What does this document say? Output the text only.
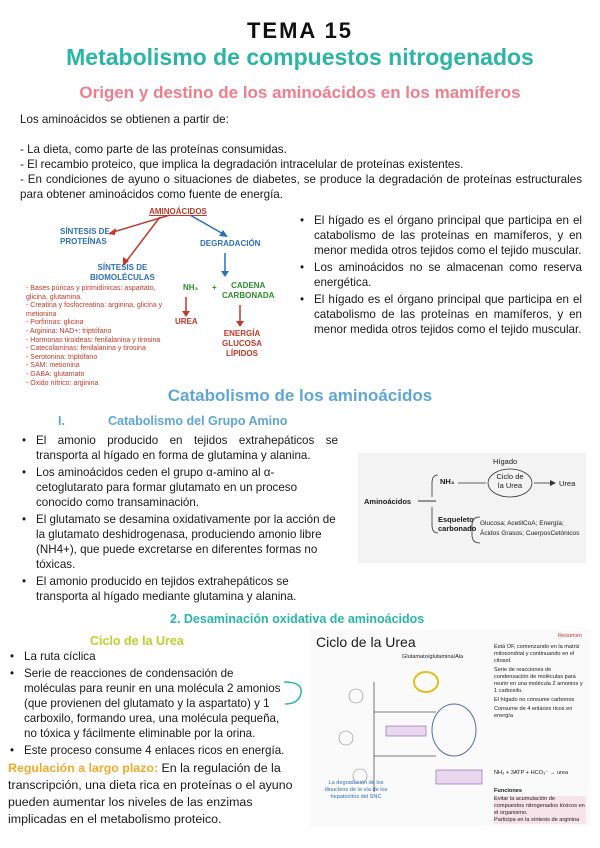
TEMA 15
Metabolismo de compuestos nitrogenados
Origen y destino de los aminoácidos en los mamíferos
Los aminoácidos se obtienen a partir de:
- La dieta, como parte de las proteínas consumidas.
- El recambio proteico, que implica la degradación intracelular de proteínas existentes.
- En condiciones de ayuno o situaciones de diabetes, se produce la degradación de proteínas estructurales para obtener aminoácidos como fuente de energía.
AMINOÁCIDOS
SÍNTESIS DE
PROTEÍNAS
SÍNTESIS DE
BIOMOLÉCULAS
DEGRADACIÓN
NH₃ +	CADENA
CARBONADA
UREA
ENERGÍA
GLUCOSA
LÍPIDOS
- Bases púricas y pirimidínicas: aspartato, glicina, glutamina.
- Creatina y fosfocreatina: arginina, glicina y metionina
- Porfirinas: glicina
- Arginina: NAD+: triptófano
- Hormonas tiroideas: fenilalanina y tirosina
- Catecolaminas: fenilalanina y tirosina
- Serotonina: triptófano
- SAM: metionina
- GABA: glutamato
- Óxido nítrico: arginina
• El hígado es el órgano principal que participa en el catabolismo de las proteínas en mamíferos, y en menor medida otros tejidos como el tejido muscular.
• Los aminoácidos no se almacenan como reserva energética.
• El hígado es el órgano principal que participa en el catabolismo de las proteínas en mamíferos, y en menor medida otros tejidos como el tejido muscular.
Catabolismo de los aminoácidos
I.	Catabolismo del Grupo Amino
• El amonio producido en tejidos extrahepáticos se transporta al hígado en forma de glutamina y alanina.
• Los aminoácidos ceden el grupo α-amino al α-cetoglutarato para formar glutamato en un proceso conocido como transaminación.
• El glutamato se desamina oxidativamente por la acción de la glutamato deshidrogenasa, produciendo amonio libre (NH4+), que puede excretarse en diferentes formas no tóxicas.
• El amonio producido en tejidos extrahepáticos se transporta al hígado mediante glutamina y alanina.
Hígado
Aminoácidos
NH₃
Ciclo de
la Urea	Urea
Esqueleto
carbonado
Glucosa; AcetilCoA; Energía;
Ácidos Grasos; CuerposCetónicos
2. Desaminación oxidativa de aminoácidos
Ciclo de la Urea
• La ruta cíclica
• Serie de reacciones de condensación de moléculas para reunir en una molécula 2 amonios (que provienen del glutamato y la aspartato) y 1 carboxilo, formando urea, una molécula pequeña, no tóxica y fácilmente eliminable por la orina.
• Este proceso consume 4 enlaces ricos en energía.
Regulación a largo plazo: En la regulación de la transcripción, una dieta rica en proteínas o el ayuno pueden aumentar los niveles de las enzimas implicadas en el metabolismo proteico.
Ciclo de la Urea	Resumen
Glutamato/glutamina/Ala
La degradación de los dinucleos de la vía de los hepatocitos del SNC
Está OF, comenzando en la matriz mitocondrial y continuando en el citosol.
Serie de reacciones de condensación de moléculas para reunir en una molécula 2 amonios y 1 carboxilo.
El hígado no consume carbonos
Consume de 4 enlaces ricos en energía
NH₃ + 3ATP + HCO₃⁻ → urea
Funciones
Evitar la acumulación de compuestos nitrogenados tóxicos en el organismo.
Participa en la síntesis de arginina
